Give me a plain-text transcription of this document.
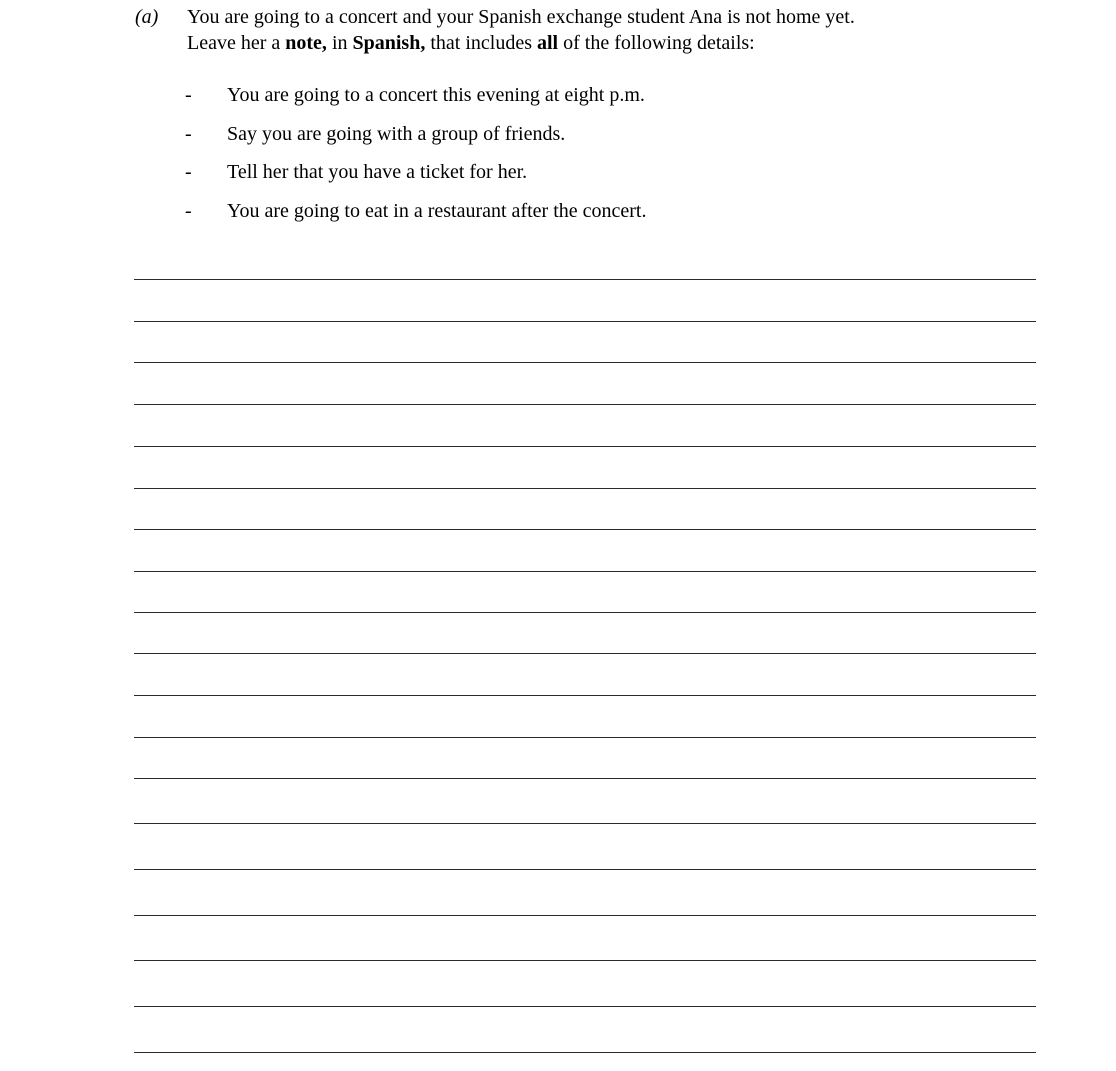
(a) You are going to a concert and your Spanish exchange student Ana is not home yet.
Leave her a note, in Spanish, that includes all of the following details:
- You are going to a concert this evening at eight p.m.
- Say you are going with a group of friends.
- Tell her that you have a ticket for her.
- You are going to eat in a restaurant after the concert.
